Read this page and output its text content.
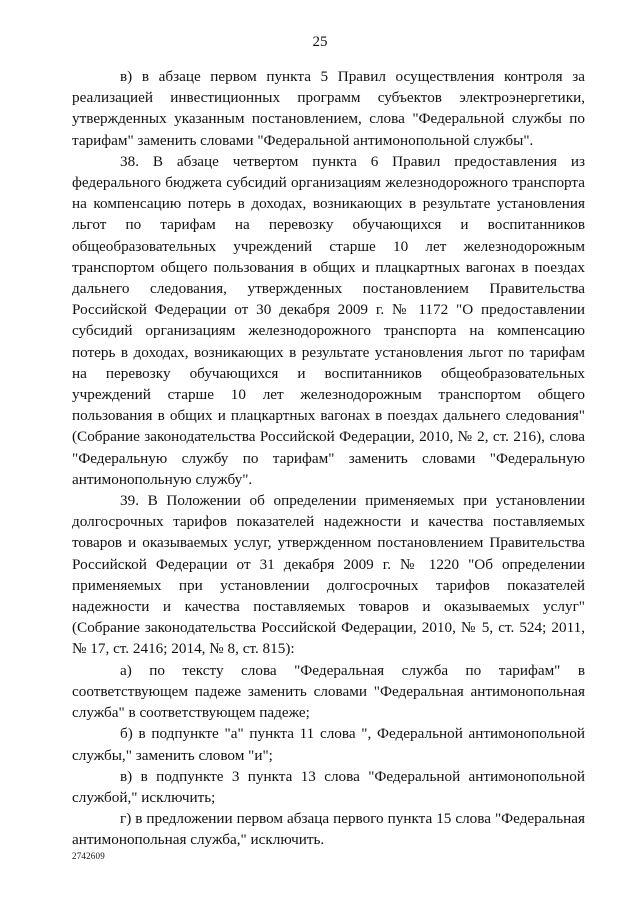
25

в) в абзаце первом пункта 5 Правил осуществления контроля за реализацией инвестиционных программ субъектов электроэнергетики, утвержденных указанным постановлением, слова "Федеральной службы по тарифам" заменить словами "Федеральной антимонопольной службы".

38. В абзаце четвертом пункта 6 Правил предоставления из федерального бюджета субсидий организациям железнодорожного транспорта на компенсацию потерь в доходах, возникающих в результате установления льгот по тарифам на перевозку обучающихся и воспитанников общеобразовательных учреждений старше 10 лет железнодорожным транспортом общего пользования в общих и плацкартных вагонах в поездах дальнего следования, утвержденных постановлением Правительства Российской Федерации от 30 декабря 2009 г. № 1172 "О предоставлении субсидий организациям железнодорожного транспорта на компенсацию потерь в доходах, возникающих в результате установления льгот по тарифам на перевозку обучающихся и воспитанников общеобразовательных учреждений старше 10 лет железнодорожным транспортом общего пользования в общих и плацкартных вагонах в поездах дальнего следования" (Собрание законодательства Российской Федерации, 2010, № 2, ст. 216), слова "Федеральную службу по тарифам" заменить словами "Федеральную антимонопольную службу".

39. В Положении об определении применяемых при установлении долгосрочных тарифов показателей надежности и качества поставляемых товаров и оказываемых услуг, утвержденном постановлением Правительства Российской Федерации от 31 декабря 2009 г. № 1220 "Об определении применяемых при установлении долгосрочных тарифов показателей надежности и качества поставляемых товаров и оказываемых услуг" (Собрание законодательства Российской Федерации, 2010, № 5, ст. 524; 2011, № 17, ст. 2416; 2014, № 8, ст. 815):

а) по тексту слова "Федеральная служба по тарифам" в соответствующем падеже заменить словами "Федеральная антимонопольная служба" в соответствующем падеже;

б) в подпункте "а" пункта 11 слова ", Федеральной антимонопольной службы," заменить словом "и";

в) в подпункте 3 пункта 13 слова "Федеральной антимонопольной службой," исключить;

г) в предложении первом абзаца первого пункта 15 слова "Федеральная антимонопольная служба," исключить.

2742609
